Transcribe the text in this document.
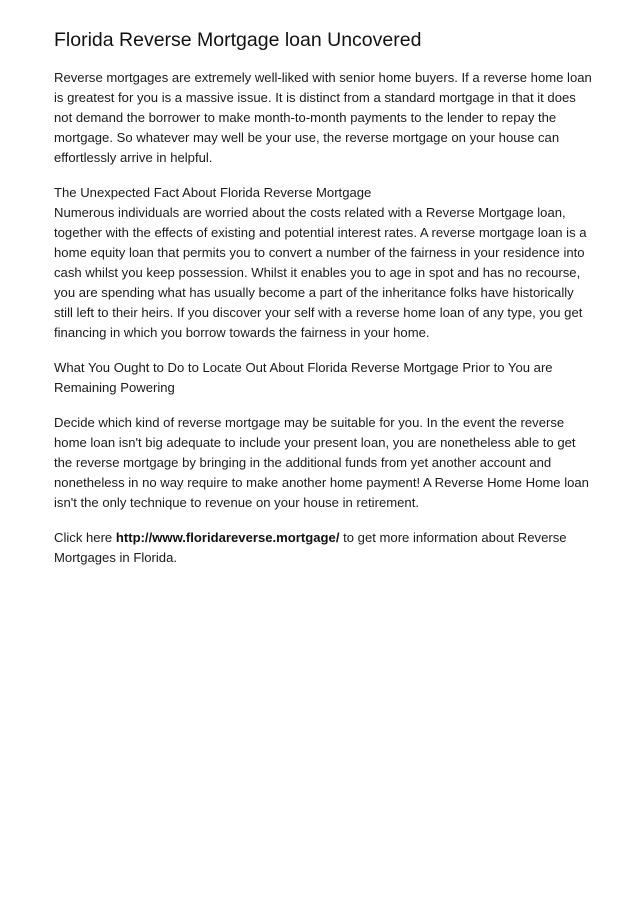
Florida Reverse Mortgage loan Uncovered

Reverse mortgages are extremely well-liked with senior home buyers. If a reverse home loan is greatest for you is a massive issue. It is distinct from a standard mortgage in that it does not demand the borrower to make month-to-month payments to the lender to repay the mortgage. So whatever may well be your use, the reverse mortgage on your house can effortlessly arrive in helpful.

The Unexpected Fact About Florida Reverse Mortgage
Numerous individuals are worried about the costs related with a Reverse Mortgage loan, together with the effects of existing and potential interest rates. A reverse mortgage loan is a home equity loan that permits you to convert a number of the fairness in your residence into cash whilst you keep possession. Whilst it enables you to age in spot and has no recourse, you are spending what has usually become a part of the inheritance folks have historically still left to their heirs. If you discover your self with a reverse home loan of any type, you get financing in which you borrow towards the fairness in your home.

What You Ought to Do to Locate Out About Florida Reverse Mortgage Prior to You are Remaining Powering

Decide which kind of reverse mortgage may be suitable for you. In the event the reverse home loan isn't big adequate to include your present loan, you are nonetheless able to get the reverse mortgage by bringing in the additional funds from yet another account and nonetheless in no way require to make another home payment! A Reverse Home Home loan isn't the only technique to revenue on your house in retirement.

Click here http://www.floridareverse.mortgage/ to get more information about Reverse Mortgages in Florida.
